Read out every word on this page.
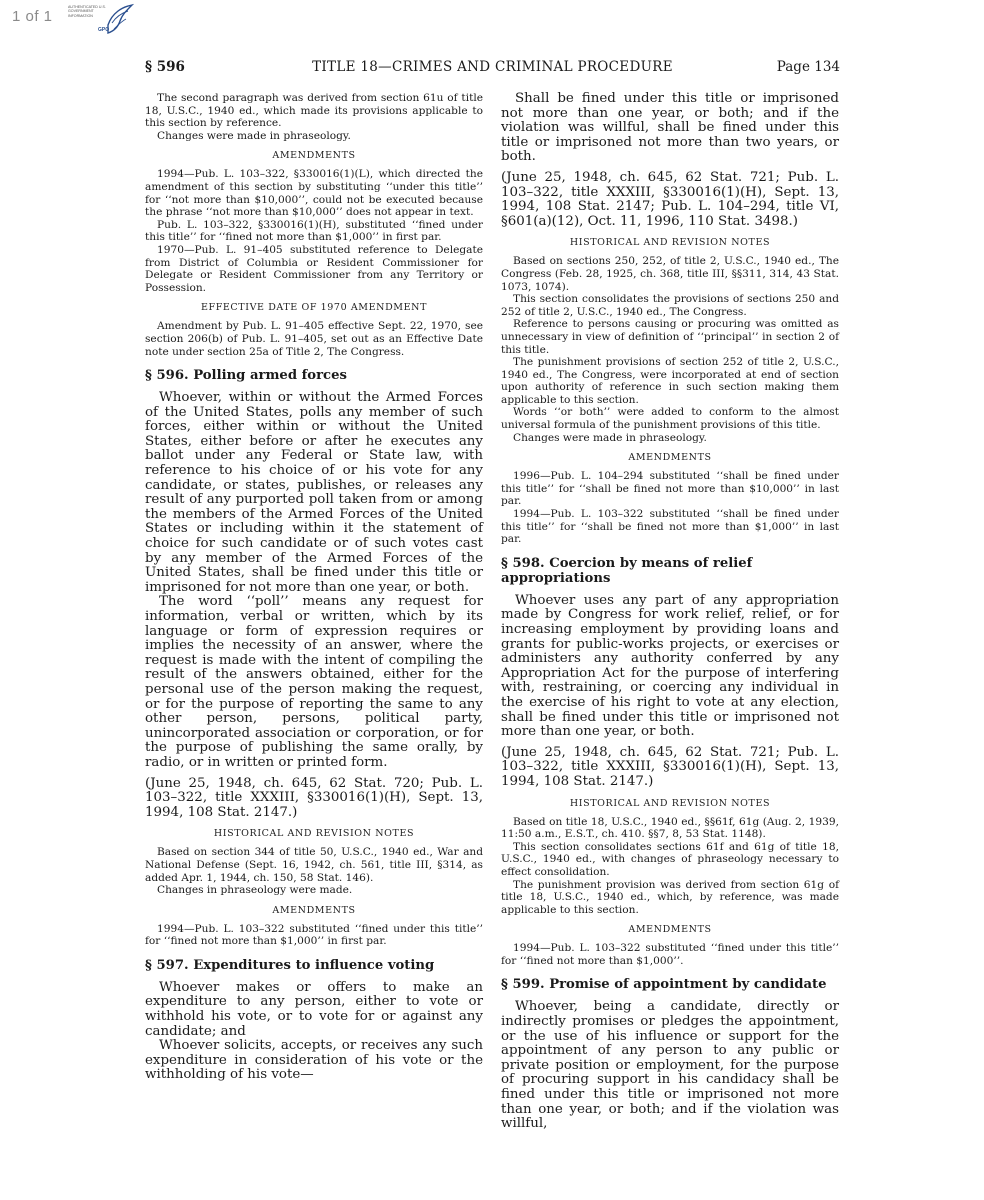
1 of 1
AUTHENTICATED U.S. GOVERNMENT INFORMATION
GPO
TITLE 18—CRIMES AND CRIMINAL PROCEDURE
§ 596	Page 134

The second paragraph was derived from section 61u of title 18, U.S.C., 1940 ed., which made its provisions applicable to this section by reference.

Changes were made in phraseology.

AMENDMENTS

1994—Pub. L. 103–322, §330016(1)(L), which directed the amendment of this section by substituting ‘‘under this title’’ for ‘‘not more than $10,000’’, could not be executed because the phrase ‘‘not more than $10,000’’ does not appear in text.

Pub. L. 103–322, §330016(1)(H), substituted ‘‘fined under this title’’ for ‘‘fined not more than $1,000’’ in first par.

1970—Pub. L. 91–405 substituted reference to Delegate from District of Columbia or Resident Commissioner for Delegate or Resident Commissioner from any Territory or Possession.

EFFECTIVE DATE OF 1970 AMENDMENT

Amendment by Pub. L. 91–405 effective Sept. 22, 1970, see section 206(b) of Pub. L. 91–405, set out as an Effective Date note under section 25a of Title 2, The Congress.

§ 596. Polling armed forces

Whoever, within or without the Armed Forces of the United States, polls any member of such forces, either within or without the United States, either before or after he executes any ballot under any Federal or State law, with reference to his choice of or his vote for any candidate, or states, publishes, or releases any result of any purported poll taken from or among the members of the Armed Forces of the United States or including within it the statement of choice for such candidate or of such votes cast by any member of the Armed Forces of the United States, shall be fined under this title or imprisoned for not more than one year, or both.

The word ‘‘poll’’ means any request for information, verbal or written, which by its language or form of expression requires or implies the necessity of an answer, where the request is made with the intent of compiling the result of the answers obtained, either for the personal use of the person making the request, or for the purpose of reporting the same to any other person, persons, political party, unincorporated association or corporation, or for the purpose of publishing the same orally, by radio, or in written or printed form.

(June 25, 1948, ch. 645, 62 Stat. 720; Pub. L. 103–322, title XXXIII, §330016(1)(H), Sept. 13, 1994, 108 Stat. 2147.)

HISTORICAL AND REVISION NOTES

Based on section 344 of title 50, U.S.C., 1940 ed., War and National Defense (Sept. 16, 1942, ch. 561, title III, §314, as added Apr. 1, 1944, ch. 150, 58 Stat. 146).

Changes in phraseology were made.

AMENDMENTS

1994—Pub. L. 103–322 substituted ‘‘fined under this title’’ for ‘‘fined not more than $1,000’’ in first par.

§ 597. Expenditures to influence voting

Whoever makes or offers to make an expenditure to any person, either to vote or withhold his vote, or to vote for or against any candidate; and

Whoever solicits, accepts, or receives any such expenditure in consideration of his vote or the withholding of his vote—

Shall be fined under this title or imprisoned not more than one year, or both; and if the violation was willful, shall be fined under this title or imprisoned not more than two years, or both.

(June 25, 1948, ch. 645, 62 Stat. 721; Pub. L. 103–322, title XXXIII, §330016(1)(H), Sept. 13, 1994, 108 Stat. 2147; Pub. L. 104–294, title VI, §601(a)(12), Oct. 11, 1996, 110 Stat. 3498.)

HISTORICAL AND REVISION NOTES

Based on sections 250, 252, of title 2, U.S.C., 1940 ed., The Congress (Feb. 28, 1925, ch. 368, title III, §§311, 314, 43 Stat. 1073, 1074).

This section consolidates the provisions of sections 250 and 252 of title 2, U.S.C., 1940 ed., The Congress.

Reference to persons causing or procuring was omitted as unnecessary in view of definition of ‘‘principal’’ in section 2 of this title.

The punishment provisions of section 252 of title 2, U.S.C., 1940 ed., The Congress, were incorporated at end of section upon authority of reference in such section making them applicable to this section.

Words ‘‘or both’’ were added to conform to the almost universal formula of the punishment provisions of this title.

Changes were made in phraseology.

AMENDMENTS

1996—Pub. L. 104–294 substituted ‘‘shall be fined under this title’’ for ‘‘shall be fined not more than $10,000’’ in last par.

1994—Pub. L. 103–322 substituted ‘‘shall be fined under this title’’ for ‘‘shall be fined not more than $1,000’’ in last par.

§ 598. Coercion by means of relief appropriations

Whoever uses any part of any appropriation made by Congress for work relief, relief, or for increasing employment by providing loans and grants for public-works projects, or exercises or administers any authority conferred by any Appropriation Act for the purpose of interfering with, restraining, or coercing any individual in the exercise of his right to vote at any election, shall be fined under this title or imprisoned not more than one year, or both.

(June 25, 1948, ch. 645, 62 Stat. 721; Pub. L. 103–322, title XXXIII, §330016(1)(H), Sept. 13, 1994, 108 Stat. 2147.)

HISTORICAL AND REVISION NOTES

Based on title 18, U.S.C., 1940 ed., §§61f, 61g (Aug. 2, 1939, 11:50 a.m., E.S.T., ch. 410. §§7, 8, 53 Stat. 1148).

This section consolidates sections 61f and 61g of title 18, U.S.C., 1940 ed., with changes of phraseology necessary to effect consolidation.

The punishment provision was derived from section 61g of title 18, U.S.C., 1940 ed., which, by reference, was made applicable to this section.

AMENDMENTS

1994—Pub. L. 103–322 substituted ‘‘fined under this title’’ for ‘‘fined not more than $1,000’’.

§ 599. Promise of appointment by candidate

Whoever, being a candidate, directly or indirectly promises or pledges the appointment, or the use of his influence or support for the appointment of any person to any public or private position or employment, for the purpose of procuring support in his candidacy shall be fined under this title or imprisoned not more than one year, or both; and if the violation was willful,
